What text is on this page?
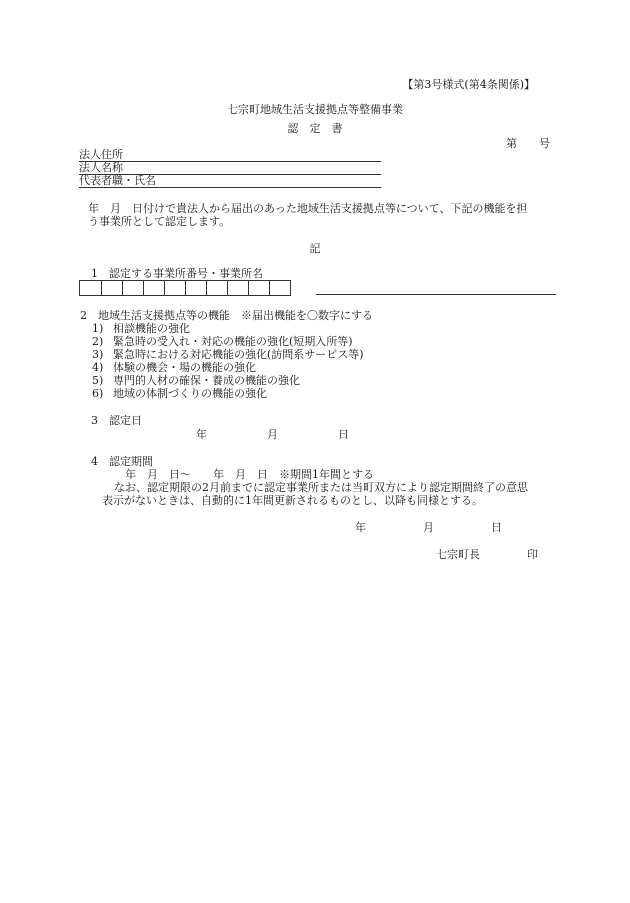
【第3号様式(第4条関係)】
七宗町地域生活支援拠点等整備事業
認　定　書
第　　号
法人住所
法人名称
代表者職・氏名
年　月　日付けで貴法人から届出のあった地域生活支援拠点等について、下記の機能を担
う事業所として認定します。
記
1　認定する事業所番号・事業所名
2　地域生活支援拠点等の機能　※届出機能を〇数字にする
1) 相談機能の強化
2) 緊急時の受入れ・対応の機能の強化(短期入所等)
3) 緊急時における対応機能の強化(訪問系サービス等)
4) 体験の機会・場の機能の強化
5) 専門的人材の確保・養成の機能の強化
6) 地域の体制づくりの機能の強化
3　認定日
年	月	日
4　認定期間
年　月　日〜　　年　月　日　※期間1年間とする
なお、認定期限の2月前までに認定事業所または当町双方により認定期間終了の意思
表示がないときは、自動的に1年間更新されるものとし、以降も同様とする。
年	月	日
七宗町長	印
